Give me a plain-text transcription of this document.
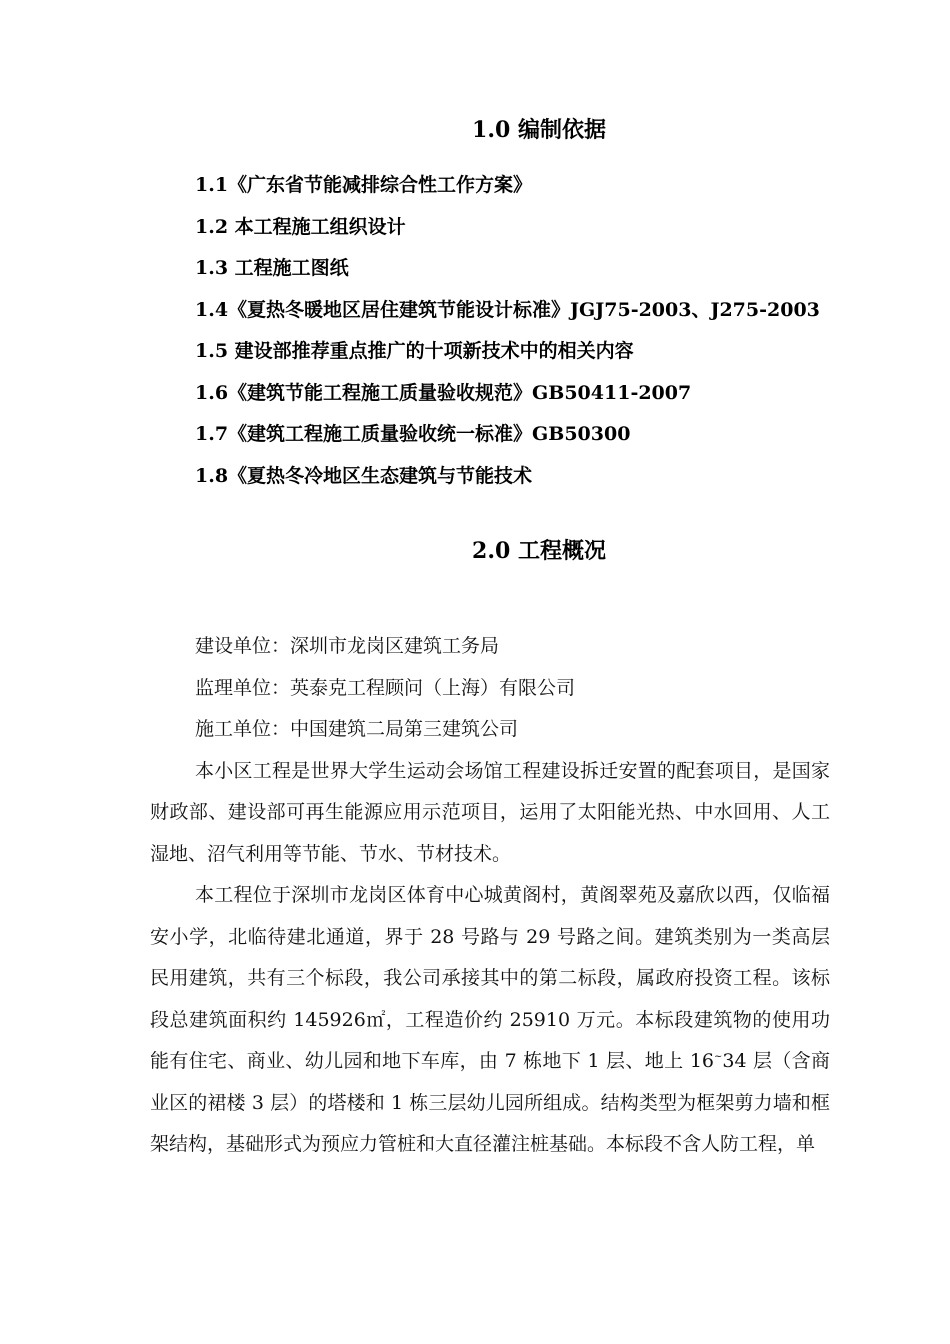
1.0 编制依据
1.1《广东省节能减排综合性工作方案》
1.2 本工程施工组织设计
1.3 工程施工图纸
1.4《夏热冬暖地区居住建筑节能设计标准》JGJ75-2003、J275-2003
1.5 建设部推荐重点推广的十项新技术中的相关内容
1.6《建筑节能工程施工质量验收规范》GB50411-2007
1.7《建筑工程施工质量验收统一标准》GB50300
1.8《夏热冬冷地区生态建筑与节能技术
2.0 工程概况
建设单位：深圳市龙岗区建筑工务局
监理单位：英泰克工程顾问（上海）有限公司
施工单位：中国建筑二局第三建筑公司
本小区工程是世界大学生运动会场馆工程建设拆迁安置的配套项目，是国家财政部、建设部可再生能源应用示范项目，运用了太阳能光热、中水回用、人工湿地、沼气利用等节能、节水、节材技术。
本工程位于深圳市龙岗区体育中心城黄阁村，黄阁翠苑及嘉欣以西，仅临福安小学，北临待建北通道，界于 28 号路与 29 号路之间。建筑类别为一类高层民用建筑，共有三个标段，我公司承接其中的第二标段，属政府投资工程。该标段总建筑面积约 145926㎡，工程造价约 25910 万元。本标段建筑物的使用功能有住宅、商业、幼儿园和地下车库，由 7 栋地下 1 层、地上 16~34 层（含商业区的裙楼 3 层）的塔楼和 1 栋三层幼儿园所组成。结构类型为框架剪力墙和框架结构，基础形式为预应力管桩和大直径灌注桩基础。本标段不含人防工程，单
